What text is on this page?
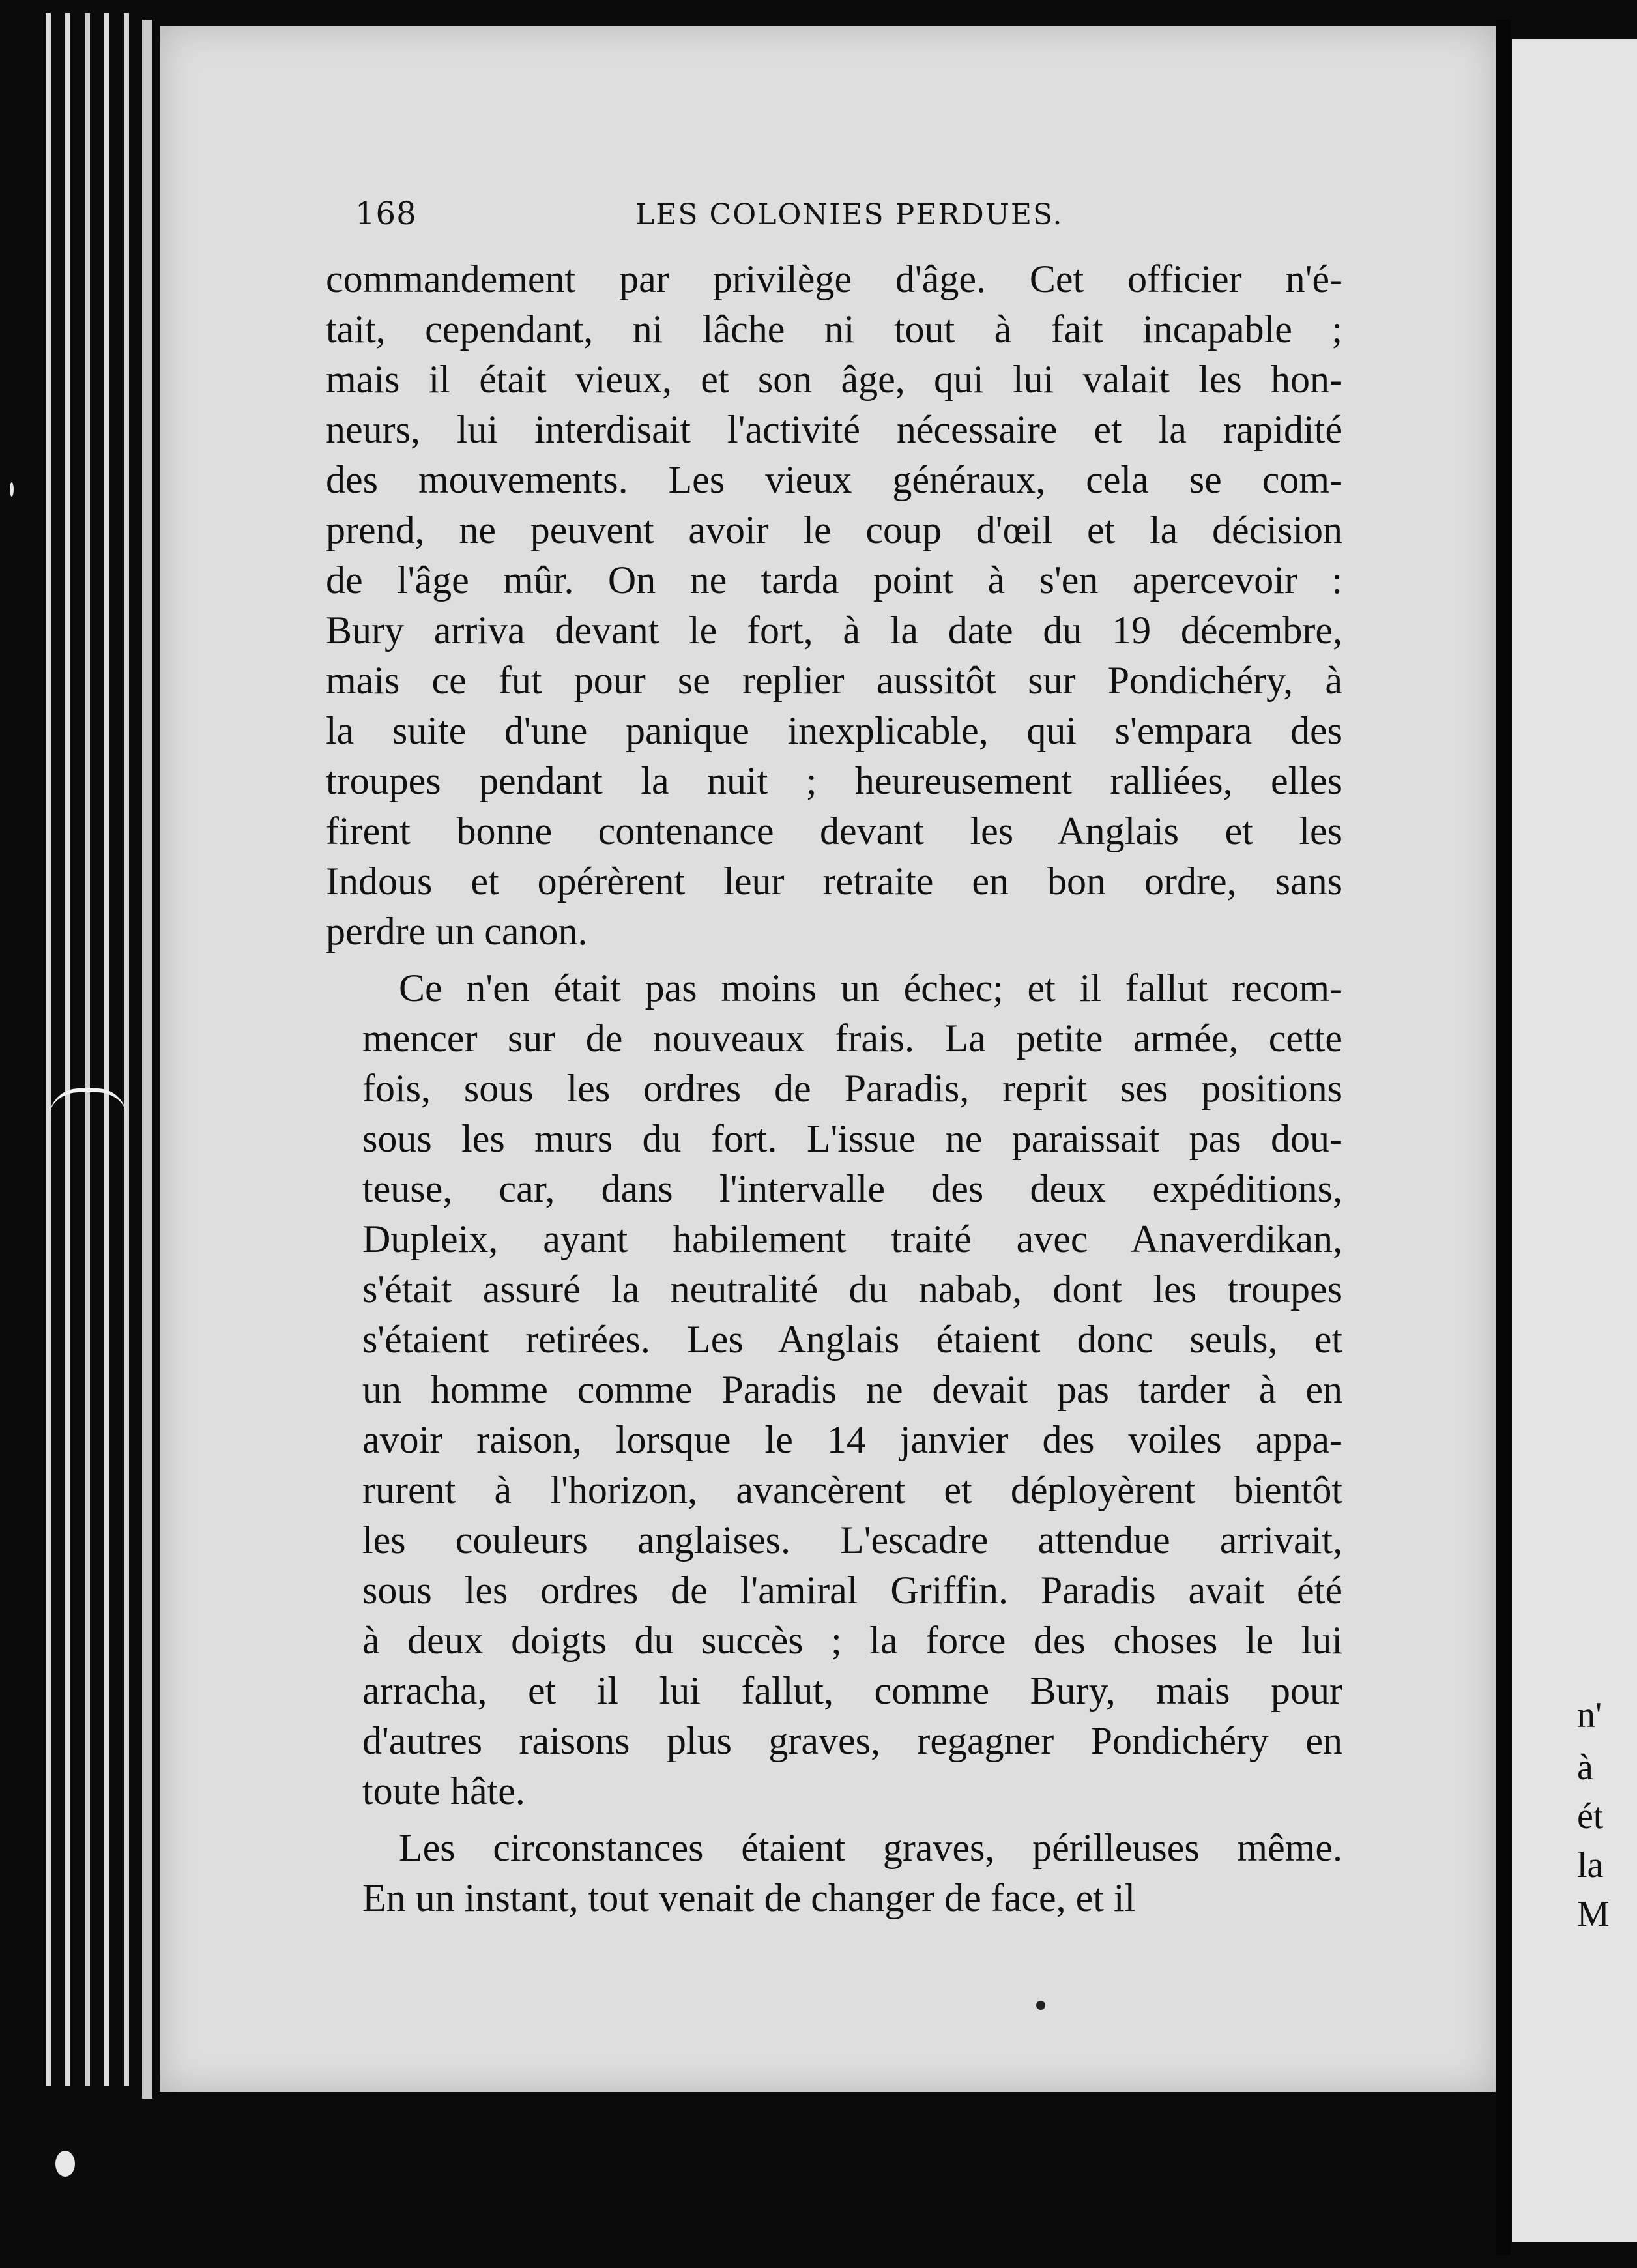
168	LES COLONIES PERDUES.
commandement par privilège d'âge. Cet officier n'é-
tait, cependant, ni lâche ni tout à fait incapable ;
mais il était vieux, et son âge, qui lui valait les hon-
neurs, lui interdisait l'activité nécessaire et la rapidité
des mouvements. Les vieux généraux, cela se com-
prend, ne peuvent avoir le coup d'œil et la décision
de l'âge mûr. On ne tarda point à s'en apercevoir :
Bury arriva devant le fort, à la date du 19 décembre,
mais ce fut pour se replier aussitôt sur Pondichéry, à
la suite d'une panique inexplicable, qui s'empara des
troupes pendant la nuit ; heureusement ralliées, elles
firent bonne contenance devant les Anglais et les
Indous et opérèrent leur retraite en bon ordre, sans
perdre un canon.
Ce n'en était pas moins un échec; et il fallut recom-
mencer sur de nouveaux frais. La petite armée, cette
fois, sous les ordres de Paradis, reprit ses positions
sous les murs du fort. L'issue ne paraissait pas dou-
teuse, car, dans l'intervalle des deux expéditions,
Dupleix, ayant habilement traité avec Anaverdikan,
s'était assuré la neutralité du nabab, dont les troupes
s'étaient retirées. Les Anglais étaient donc seuls, et
un homme comme Paradis ne devait pas tarder à en
avoir raison, lorsque le 14 janvier des voiles appa-
rurent à l'horizon, avancèrent et déployèrent bientôt
les couleurs anglaises. L'escadre attendue arrivait,
sous les ordres de l'amiral Griffin. Paradis avait été
à deux doigts du succès ; la force des choses le lui
arracha, et il lui fallut, comme Bury, mais pour
d'autres raisons plus graves, regagner Pondichéry en
toute hâte.
Les circonstances étaient graves, périlleuses même.
En un instant, tout venait de changer de face, et il
n'
à
ét
la
M
